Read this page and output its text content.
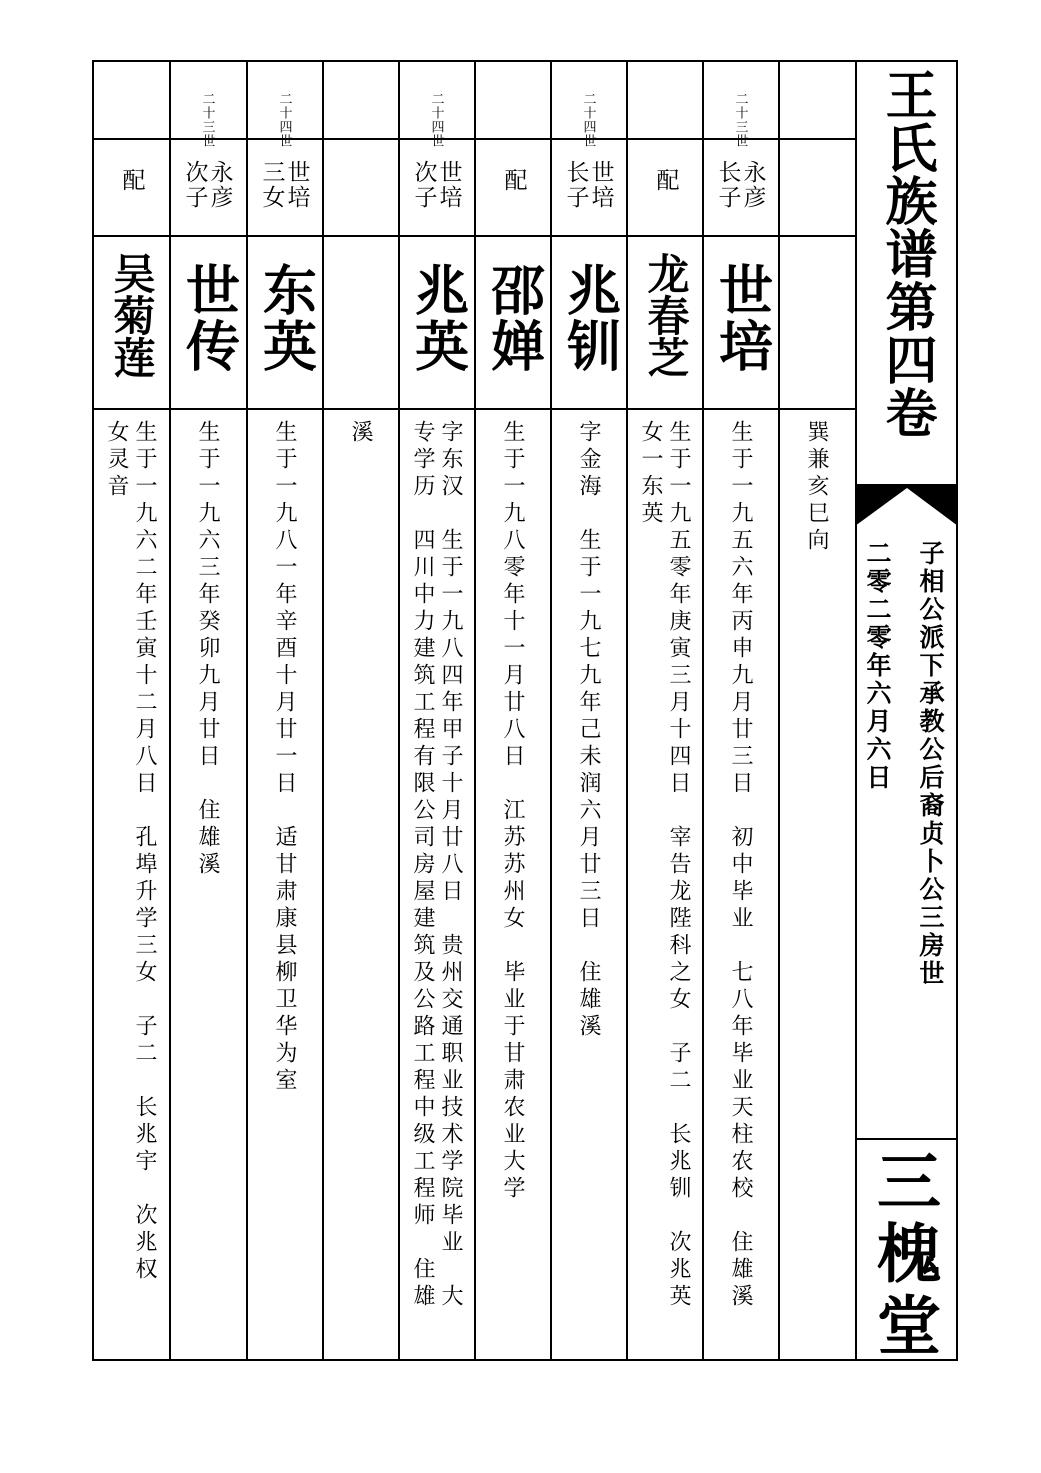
巽兼亥巳向
二十三世
永彦
长子
世培
生于一九五六年丙申九月廿三日　初中毕业　七八年毕业天柱农校　住雄溪
配
龙春芝
生于一九五零年庚寅三月十四日　宰告龙陛科之女　子二　长兆钏　次兆英
女一东英
二十四世
世培
长子
兆钏
字金海　生于一九七九年己未润六月廿三日　住雄溪
配
邵婵
生于一九八零年十一月廿八日　江苏苏州女　毕业于甘肃农业大学
二十四世
世培
次子
兆英
字东汉　生于一九八四年甲子十月廿八日　贵州交通职业技术学院毕业　大
专学历　四川中力建筑工程有限公司房屋建筑及公路工程中级工程师　住雄
溪
二十四世
世培
三女
东英
生于一九八一年辛酉十月廿一日　适甘肃康县柳卫华为室
二十三世
永彦
次子
世传
生于一九六三年癸卯九月廿日　住雄溪
配
吴菊莲
生于一九六二年壬寅十二月八日　孔埠升学三女　子二　长兆宇　次兆权
女灵音
王氏族谱第四卷
子相公派下承教公后裔贞卜公三房世
二零二零年六月六日
三槐堂
